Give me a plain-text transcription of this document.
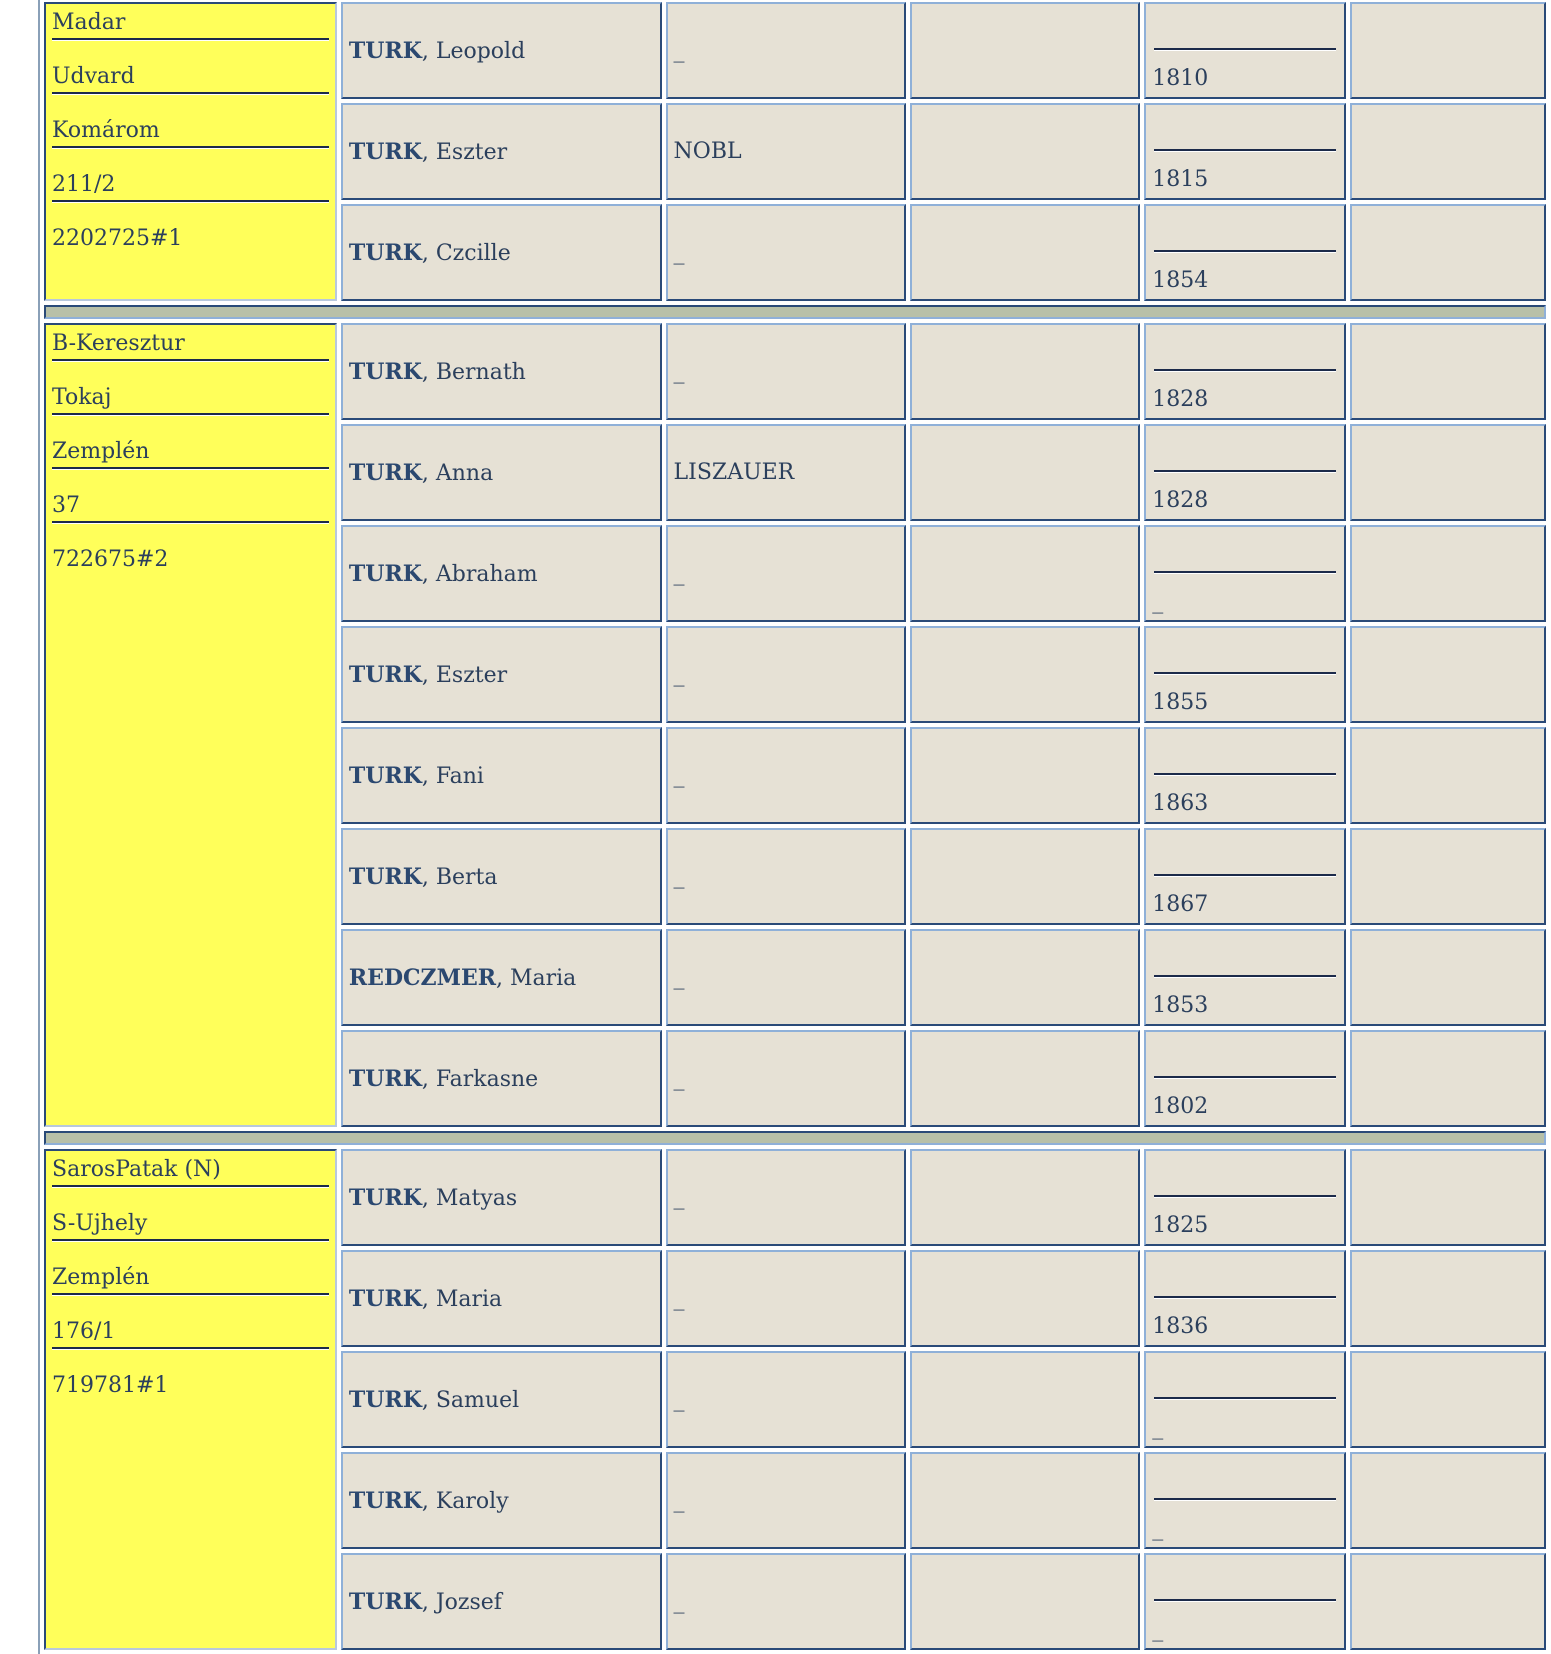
Madar
Udvard
Komárom
211/2
2202725#1	TURK, Leopold	_		1810	

	TURK, Eszter	NOBL		1815	

	TURK, Czcille	_		1854	

B-Keresztur
Tokaj
Zemplén
37
722675#2	TURK, Bernath	_		1828	

	TURK, Anna	LISZAUER		1828	

	TURK, Abraham	_		_	

	TURK, Eszter	_		1855	

	TURK, Fani	_		1863	

	TURK, Berta	_		1867	

	REDCZMER, Maria	_		1853	

	TURK, Farkasne	_		1802	

SarosPatak (N)
S-Ujhely
Zemplén
176/1
719781#1	TURK, Matyas	_		1825	

	TURK, Maria	_		1836	

	TURK, Samuel	_		_	

	TURK, Karoly	_		_	

	TURK, Jozsef	_		_	
